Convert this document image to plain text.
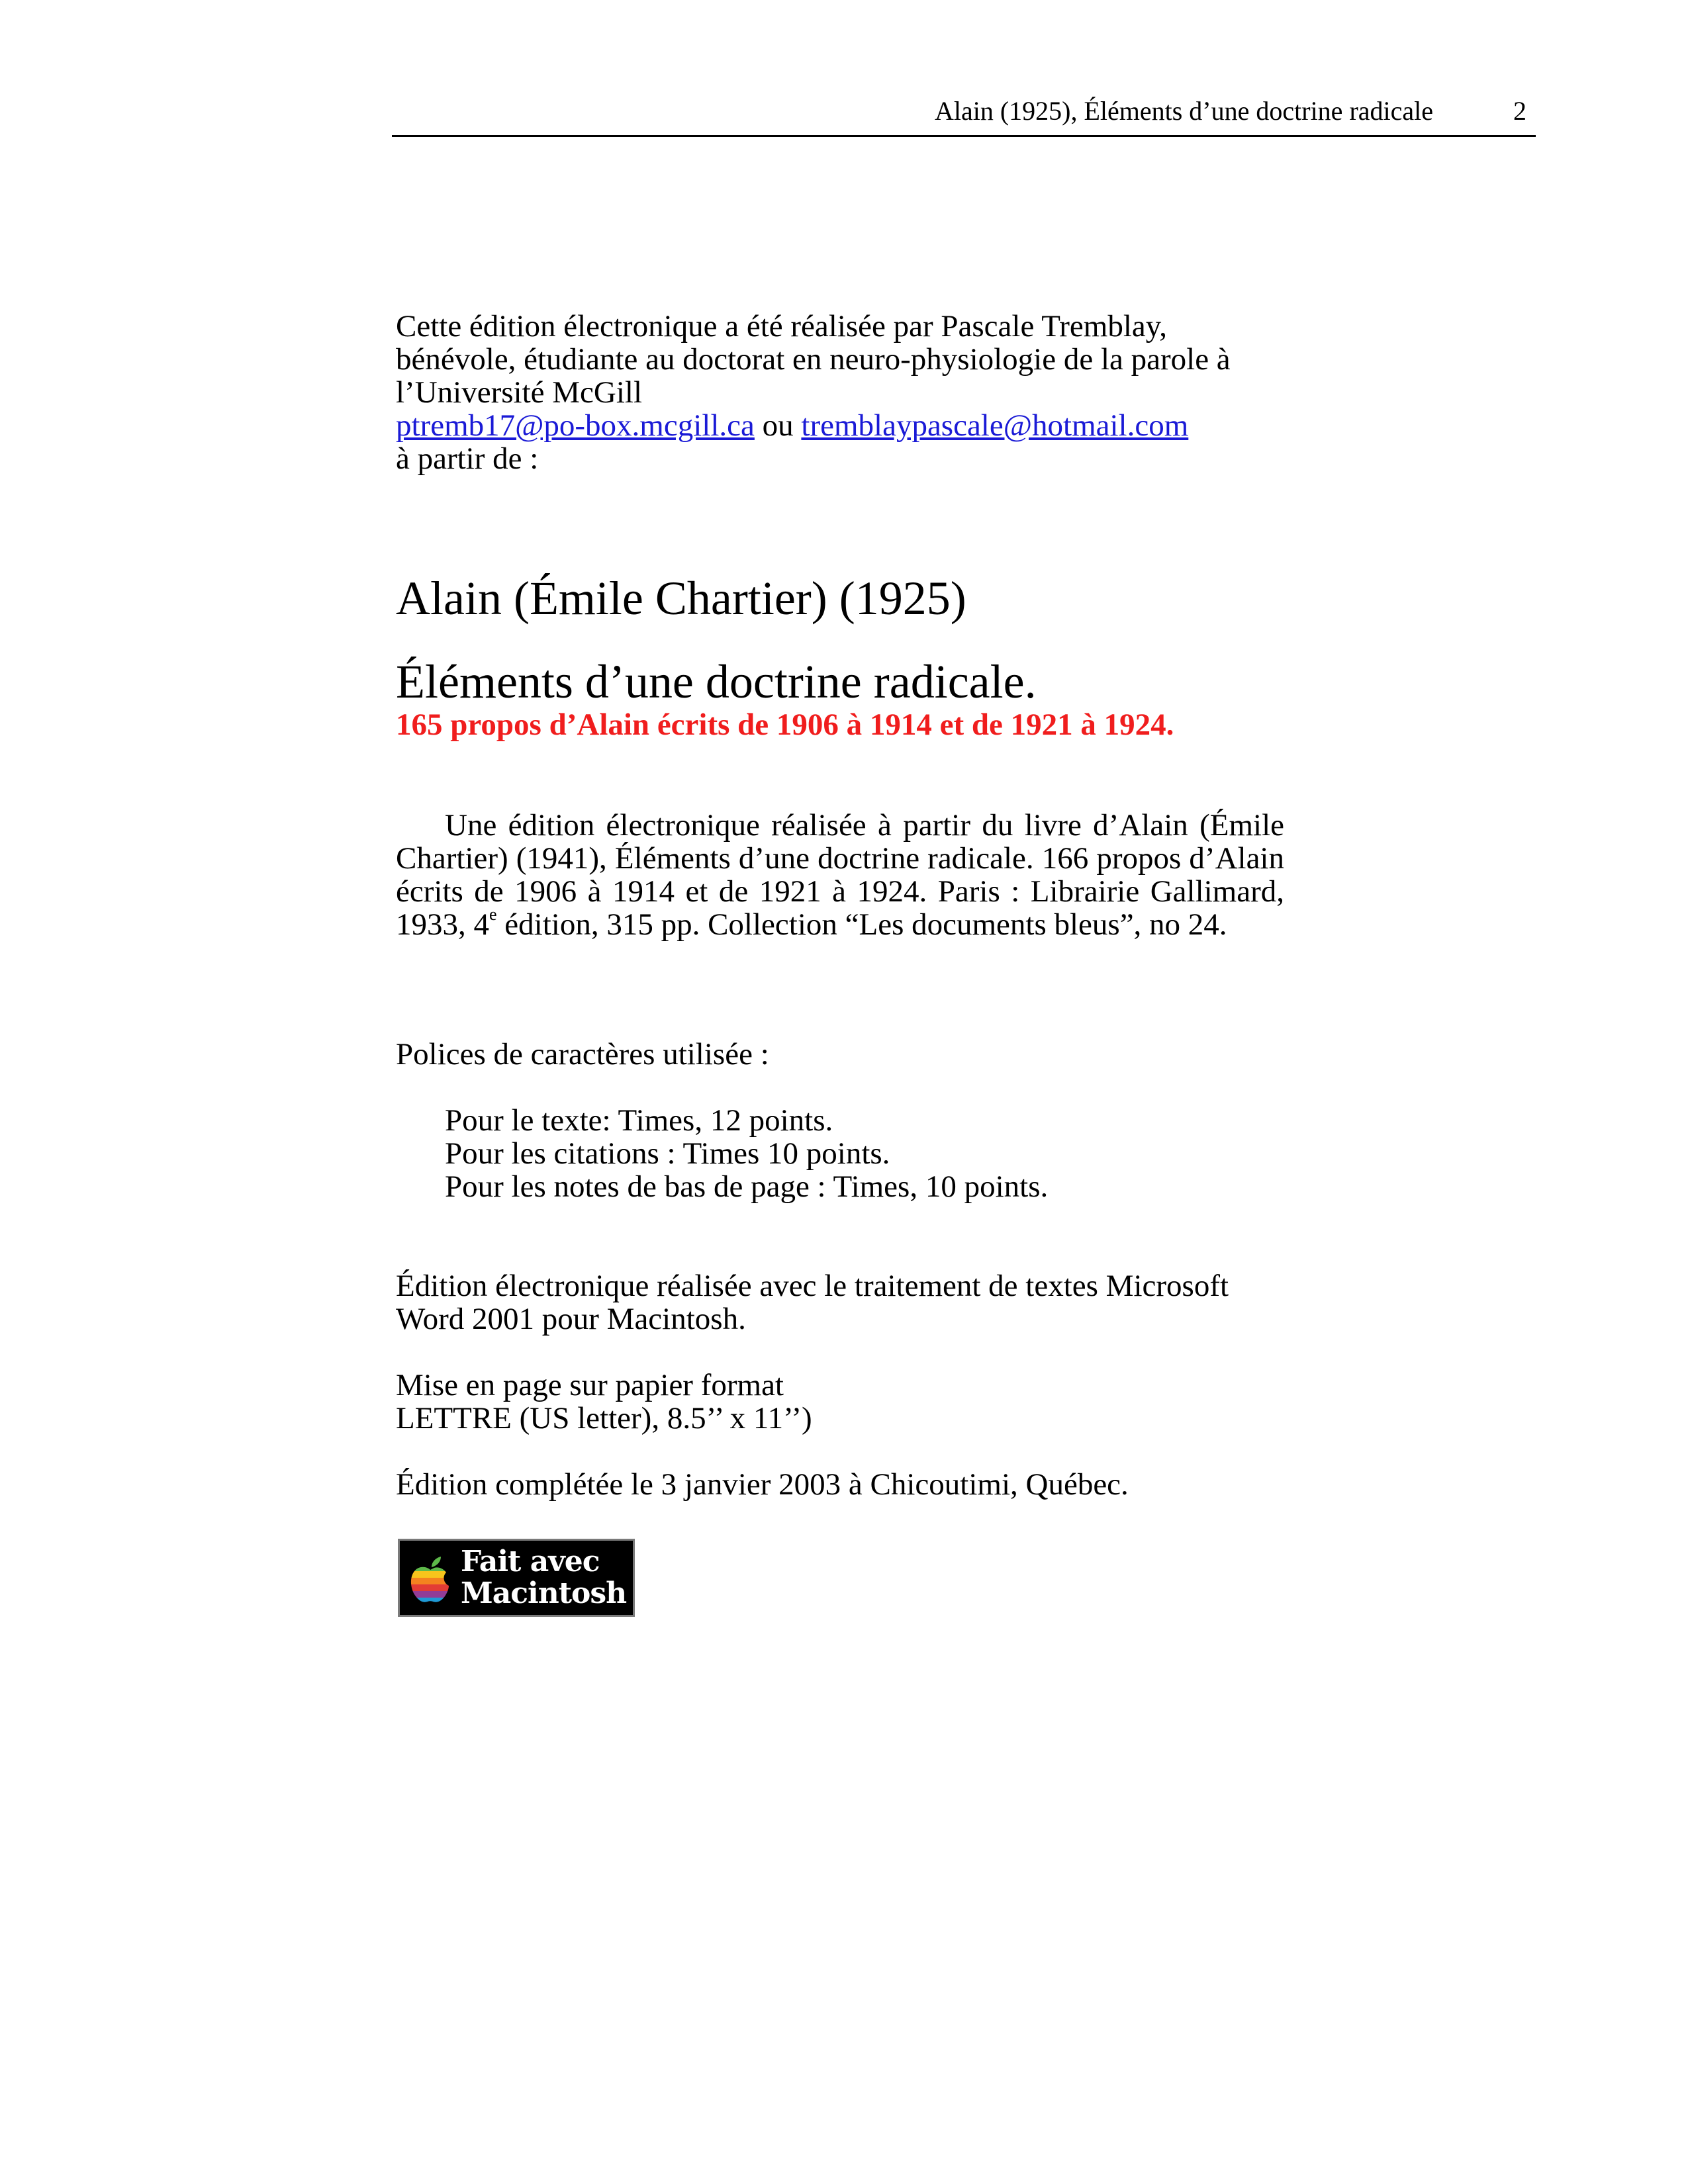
Alain (1925), Éléments d’une doctrine radicale	2
Cette édition électronique a été réalisée par Pascale Tremblay,
bénévole, étudiante au doctorat en neuro-physiologie de la parole à
l’Université McGill
ptremb17@po-box.mcgill.ca ou tremblaypascale@hotmail.com
à partir de :
Alain (Émile Chartier) (1925)
Éléments d’une doctrine radicale.
165 propos d’Alain écrits de 1906 à 1914 et de 1921 à 1924.
Une édition électronique réalisée à partir du livre d’Alain (Émile Chartier) (1941), Éléments d’une doctrine radicale. 166 propos d’Alain écrits de 1906 à 1914 et de 1921 à 1924. Paris : Librairie Gallimard, 1933, 4e édition, 315 pp. Collection “Les documents bleus”, no 24.
Polices de caractères utilisée :
Pour le texte: Times, 12 points.
Pour les citations : Times 10 points.
Pour les notes de bas de page : Times, 10 points.
Édition électronique réalisée avec le traitement de textes Microsoft
Word 2001 pour Macintosh.
Mise en page sur papier format
LETTRE (US letter), 8.5’’ x 11’’)
Édition complétée le 3 janvier 2003 à Chicoutimi, Québec.
Fait avec
Macintosh
